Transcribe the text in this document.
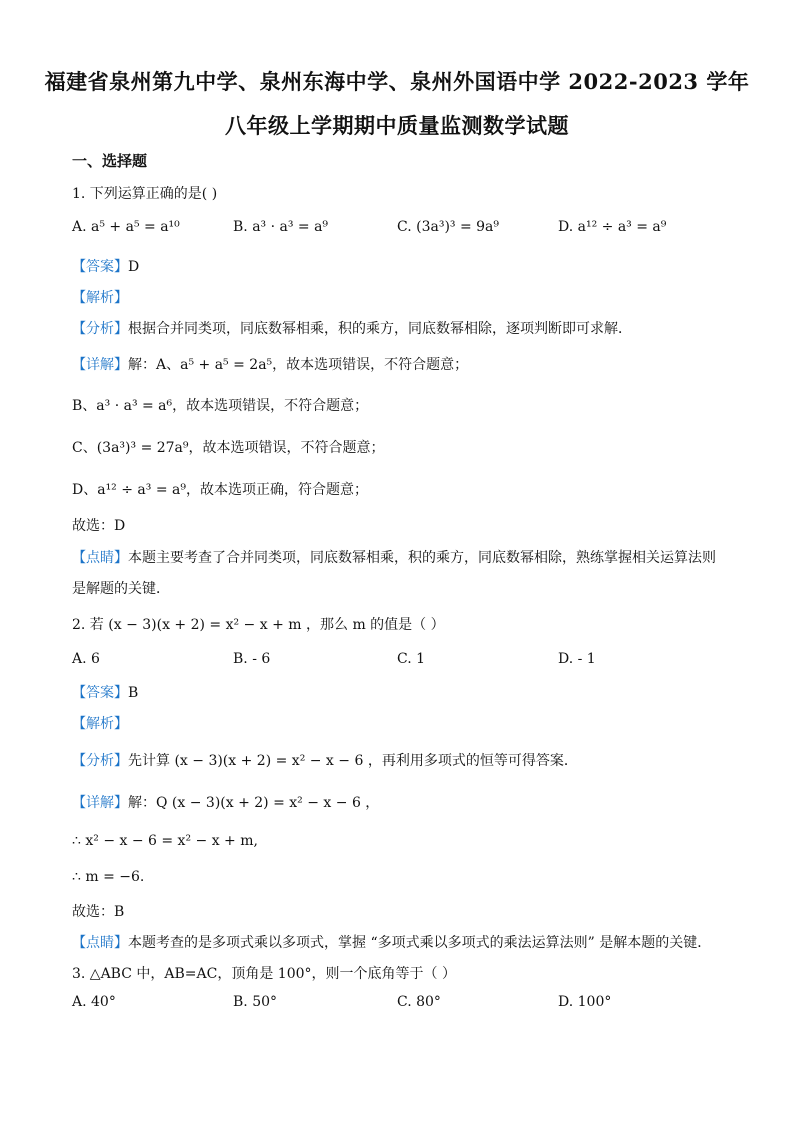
福建省泉州第九中学、泉州东海中学、泉州外国语中学 2022-2023 学年
八年级上学期期中质量监测数学试题
一、选择题
1. 下列运算正确的是( )
A. a⁵ + a⁵ = a¹⁰	B. a³ · a³ = a⁹	C. (3a³)³ = 9a⁹	D. a¹² ÷ a³ = a⁹
【答案】D
【解析】
【分析】根据合并同类项，同底数幂相乘，积的乘方，同底数幂相除，逐项判断即可求解．
【详解】解：A、a⁵ + a⁵ = 2a⁵，故本选项错误，不符合题意；
B、a³ · a³ = a⁶，故本选项错误，不符合题意；
C、(3a³)³ = 27a⁹，故本选项错误，不符合题意；
D、a¹² ÷ a³ = a⁹，故本选项正确，符合题意；
故选：D
【点睛】本题主要考查了合并同类项，同底数幂相乘，积的乘方，同底数幂相除，熟练掌握相关运算法则
是解题的关键．
2. 若 (x − 3)(x + 2) = x² − x + m ，那么 m 的值是（ ）
A. 6	B. - 6	C. 1	D. - 1
【答案】B
【解析】
【分析】先计算 (x − 3)(x + 2) = x² − x − 6 ，再利用多项式的恒等可得答案．
【详解】解：Q (x − 3)(x + 2) = x² − x − 6 ，
∴ x² − x − 6 = x² − x + m,
∴ m = −6.
故选：B
【点睛】本题考查的是多项式乘以多项式，掌握 “多项式乘以多项式的乘法运算法则” 是解本题的关键．
3. △ABC 中，AB=AC，顶角是 100°，则一个底角等于（ ）
A. 40°	B. 50°	C. 80°	D. 100°
